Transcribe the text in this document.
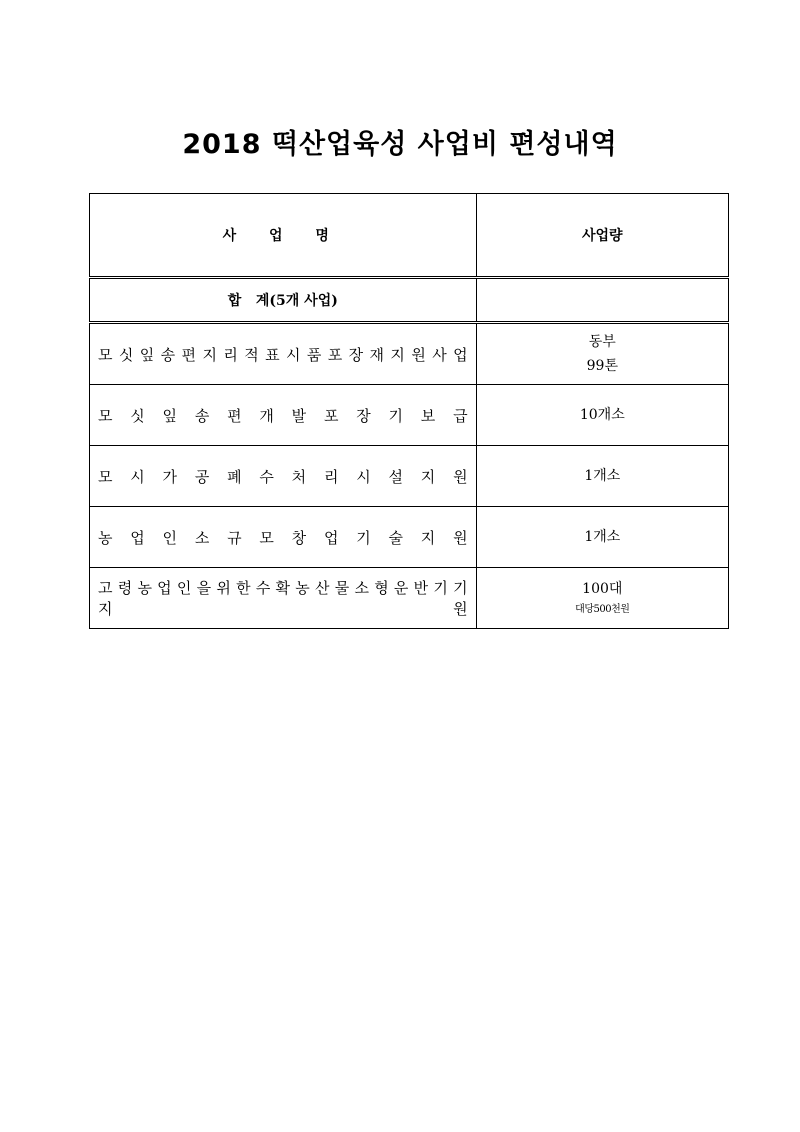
2018 떡산업육성 사업비 편성내역
사 업 명	사업량
합   계(5개 사업)	

모 싯 잎 송 편 지 리 적 표 시 품 포 장 재 지 원 사 업	동부
99톤

모 싯 잎 송 편 개 발 포 장 기 보 급	10개소

모 시 가 공 폐 수 처 리 시 설 지 원	1개소

농 업 인 소 규 모 창 업 기 술 지 원	1개소

고 령 농 업 인 을 위 한 수 확 농 산 물 소 형 운 반 기 기 지 원	100대
대당500천원
